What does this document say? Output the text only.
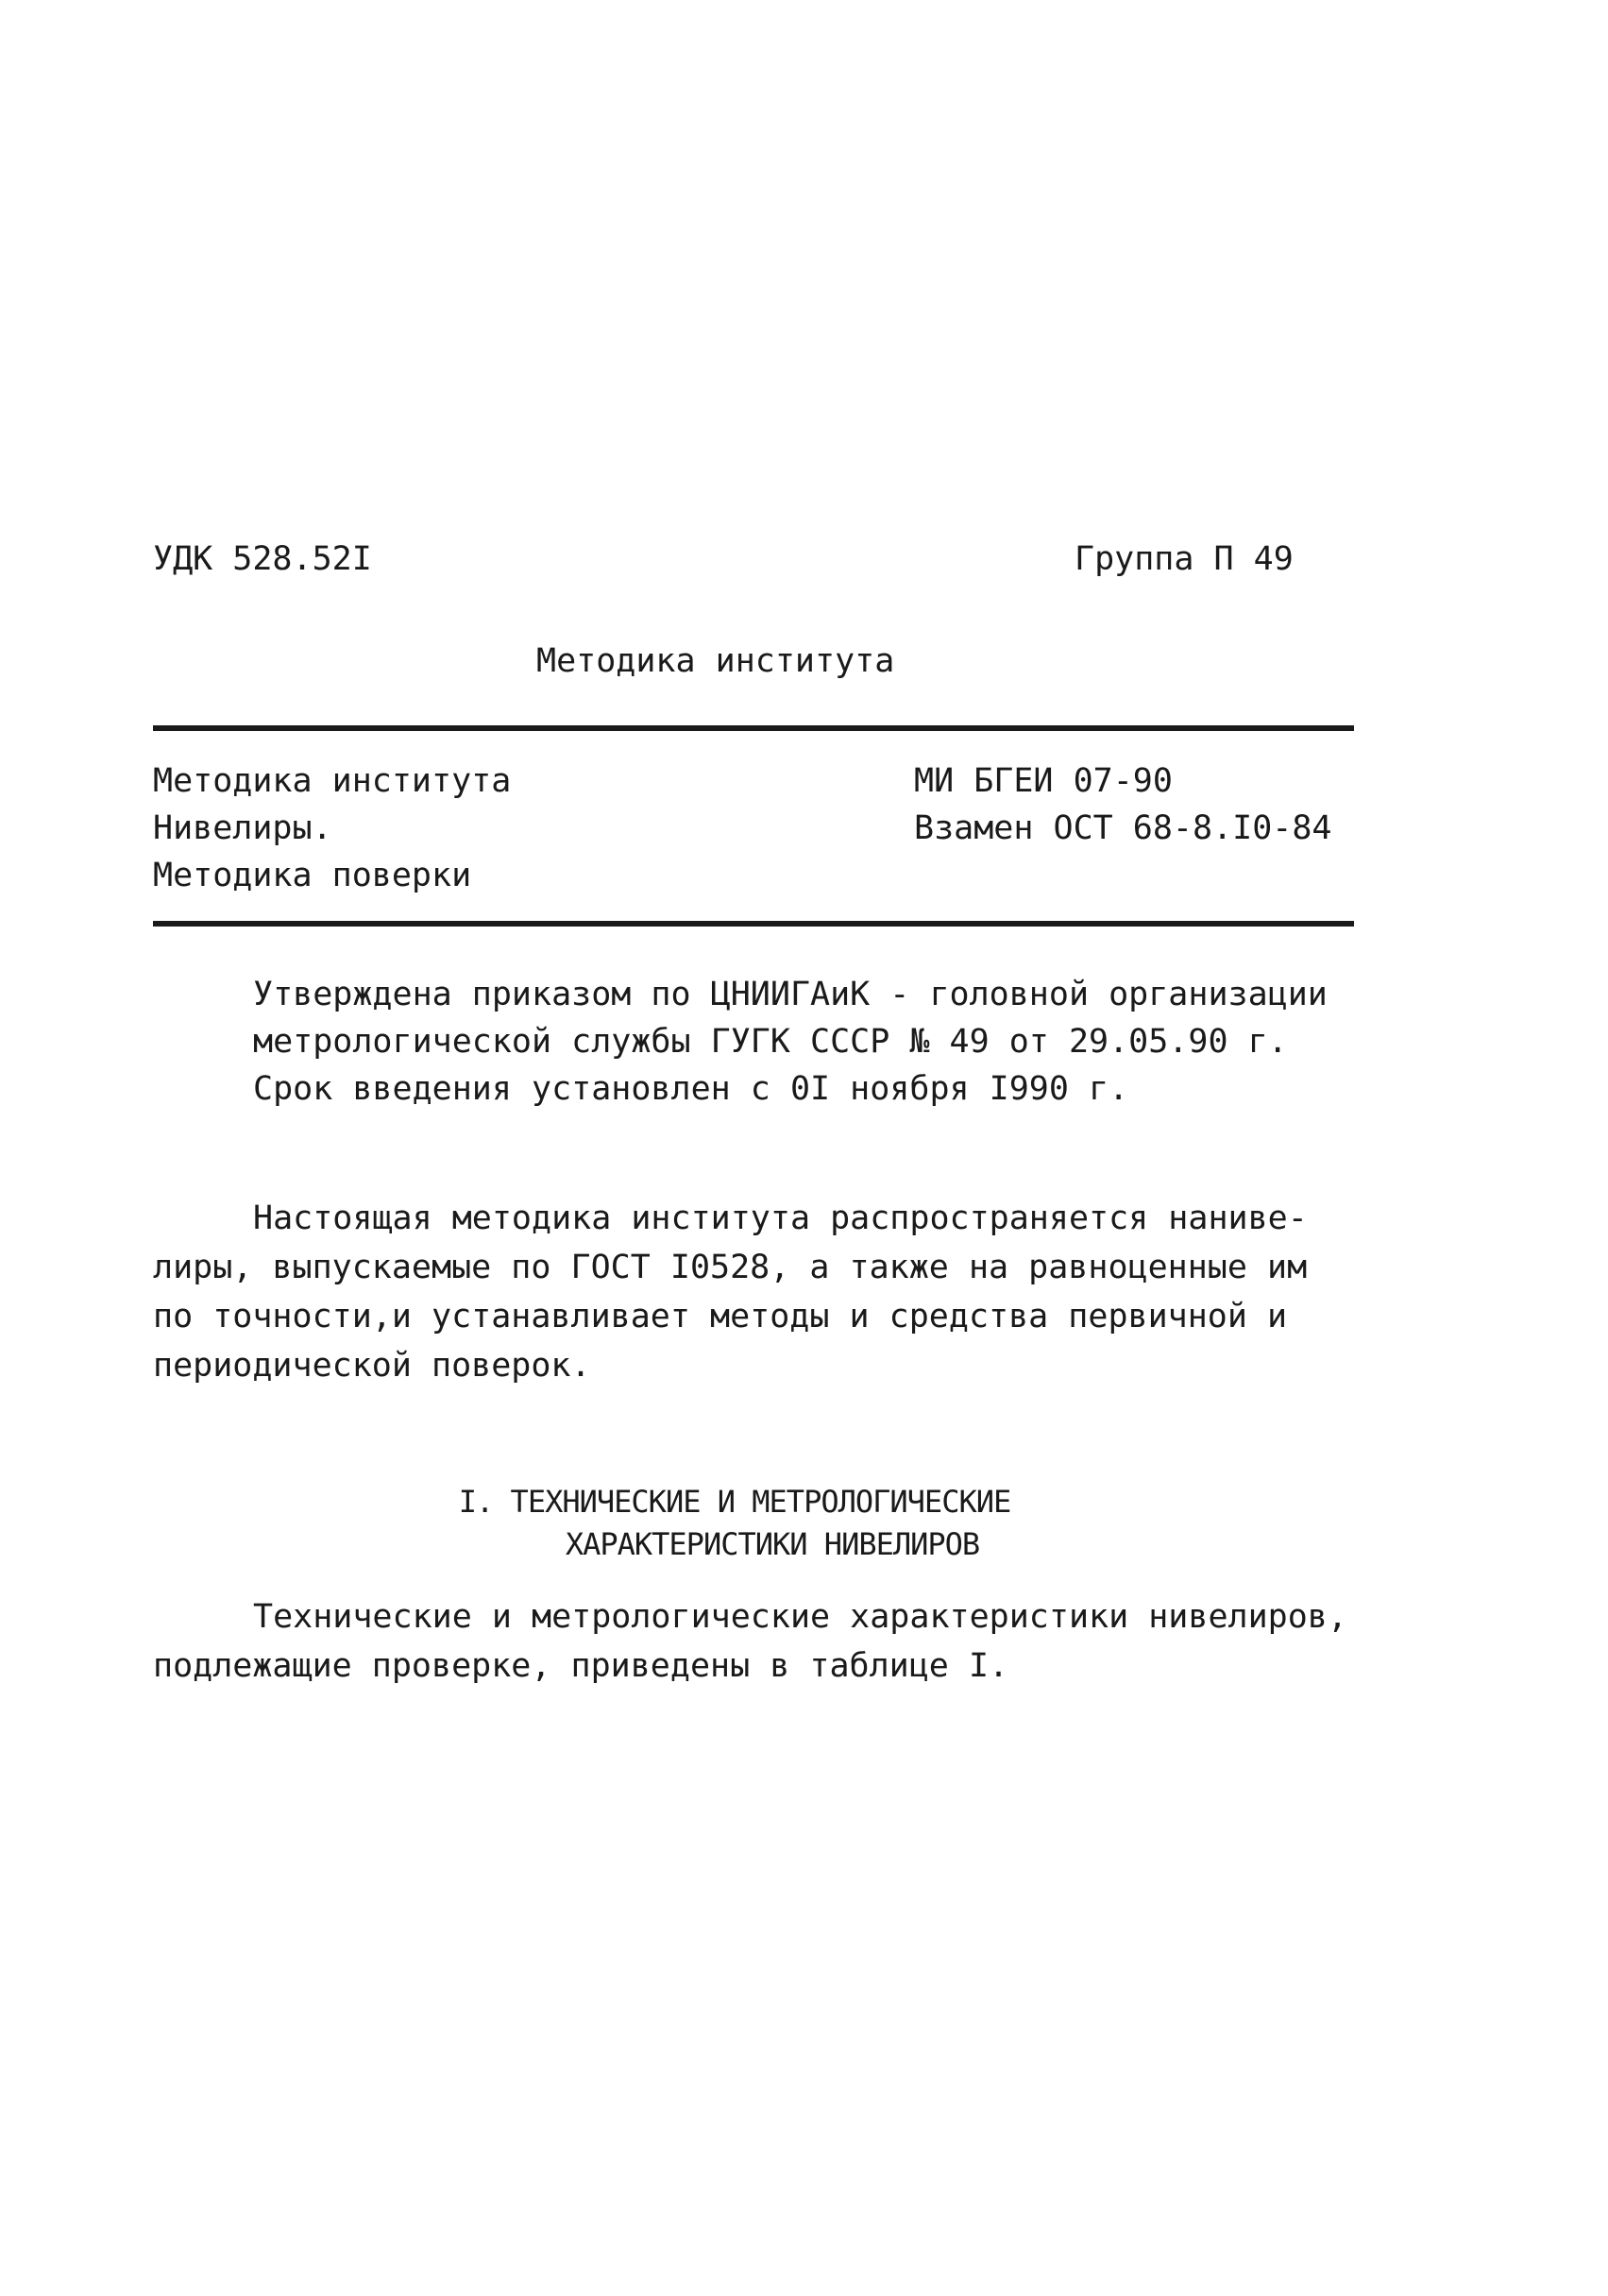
УДК 528.52I	Группа П 49
Методика института
Методика института
Нивелиры.
Методика поверки
МИ БГЕИ 07-90
Взамен ОСТ 68-8.I0-84
Утверждена приказом по ЦНИИГАиК - головной организации
метрологической службы ГУГК СССР № 49 от 29.05.90 г.
Срок введения установлен с 0I ноября I990 г.
Настоящая методика института распространяется наниве-
лиры, выпускаемые по ГОСТ I0528, а также на равноценные им
по точности,и устанавливает методы и средства первичной и
периодической поверок.
I. ТЕХНИЧЕСКИЕ И МЕТРОЛОГИЧЕСКИЕ
ХАРАКТЕРИСТИКИ НИВЕЛИРОВ
Технические и метрологические характеристики нивелиров,
подлежащие проверке, приведены в таблице I.
